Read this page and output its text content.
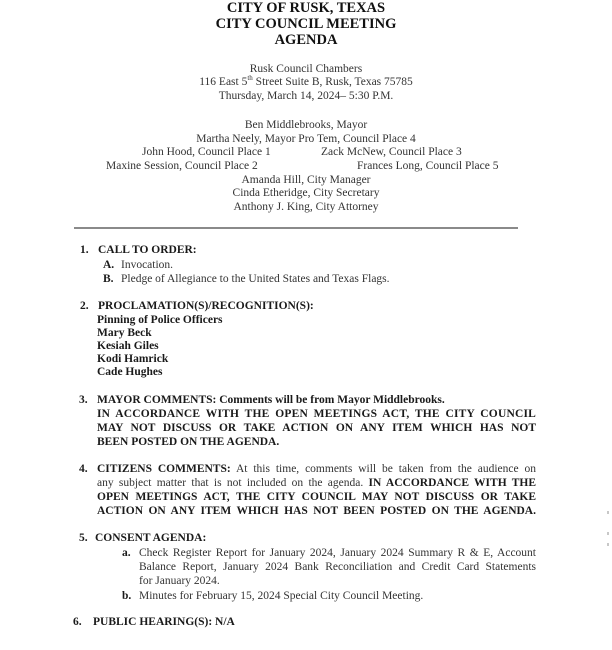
CITY OF RUSK, TEXAS
CITY COUNCIL MEETING
AGENDA
Rusk Council Chambers
116 East 5th Street Suite B, Rusk, Texas 75785
Thursday, March 14, 2024– 5:30 P.M.
Ben Middlebrooks, Mayor
Martha Neely, Mayor Pro Tem, Council Place 4
John Hood, Council Place 1	Zack McNew, Council Place 3
Maxine Session, Council Place 2	Frances Long, Council Place 5
Amanda Hill, City Manager
Cinda Etheridge, City Secretary
Anthony J. King, City Attorney
1. CALL TO ORDER:
A. Invocation.
B. Pledge of Allegiance to the United States and Texas Flags.
2. PROCLAMATION(S)/RECOGNITION(S):
Pinning of Police Officers
Mary Beck
Kesiah Giles
Kodi Hamrick
Cade Hughes
3. MAYOR COMMENTS: Comments will be from Mayor Middlebrooks.
IN ACCORDANCE WITH THE OPEN MEETINGS ACT, THE CITY COUNCIL
MAY NOT DISCUSS OR TAKE ACTION ON ANY ITEM WHICH HAS NOT
BEEN POSTED ON THE AGENDA.
4. CITIZENS COMMENTS: At this time, comments will be taken from the audience on
any subject matter that is not included on the agenda. IN ACCORDANCE WITH THE
OPEN MEETINGS ACT, THE CITY COUNCIL MAY NOT DISCUSS OR TAKE
ACTION ON ANY ITEM WHICH HAS NOT BEEN POSTED ON THE AGENDA.
5. CONSENT AGENDA:
a. Check Register Report for January 2024, January 2024 Summary R & E, Account
Balance Report, January 2024 Bank Reconciliation and Credit Card Statements
for January 2024.
b. Minutes for February 15, 2024 Special City Council Meeting.
6. PUBLIC HEARING(S): N/A
